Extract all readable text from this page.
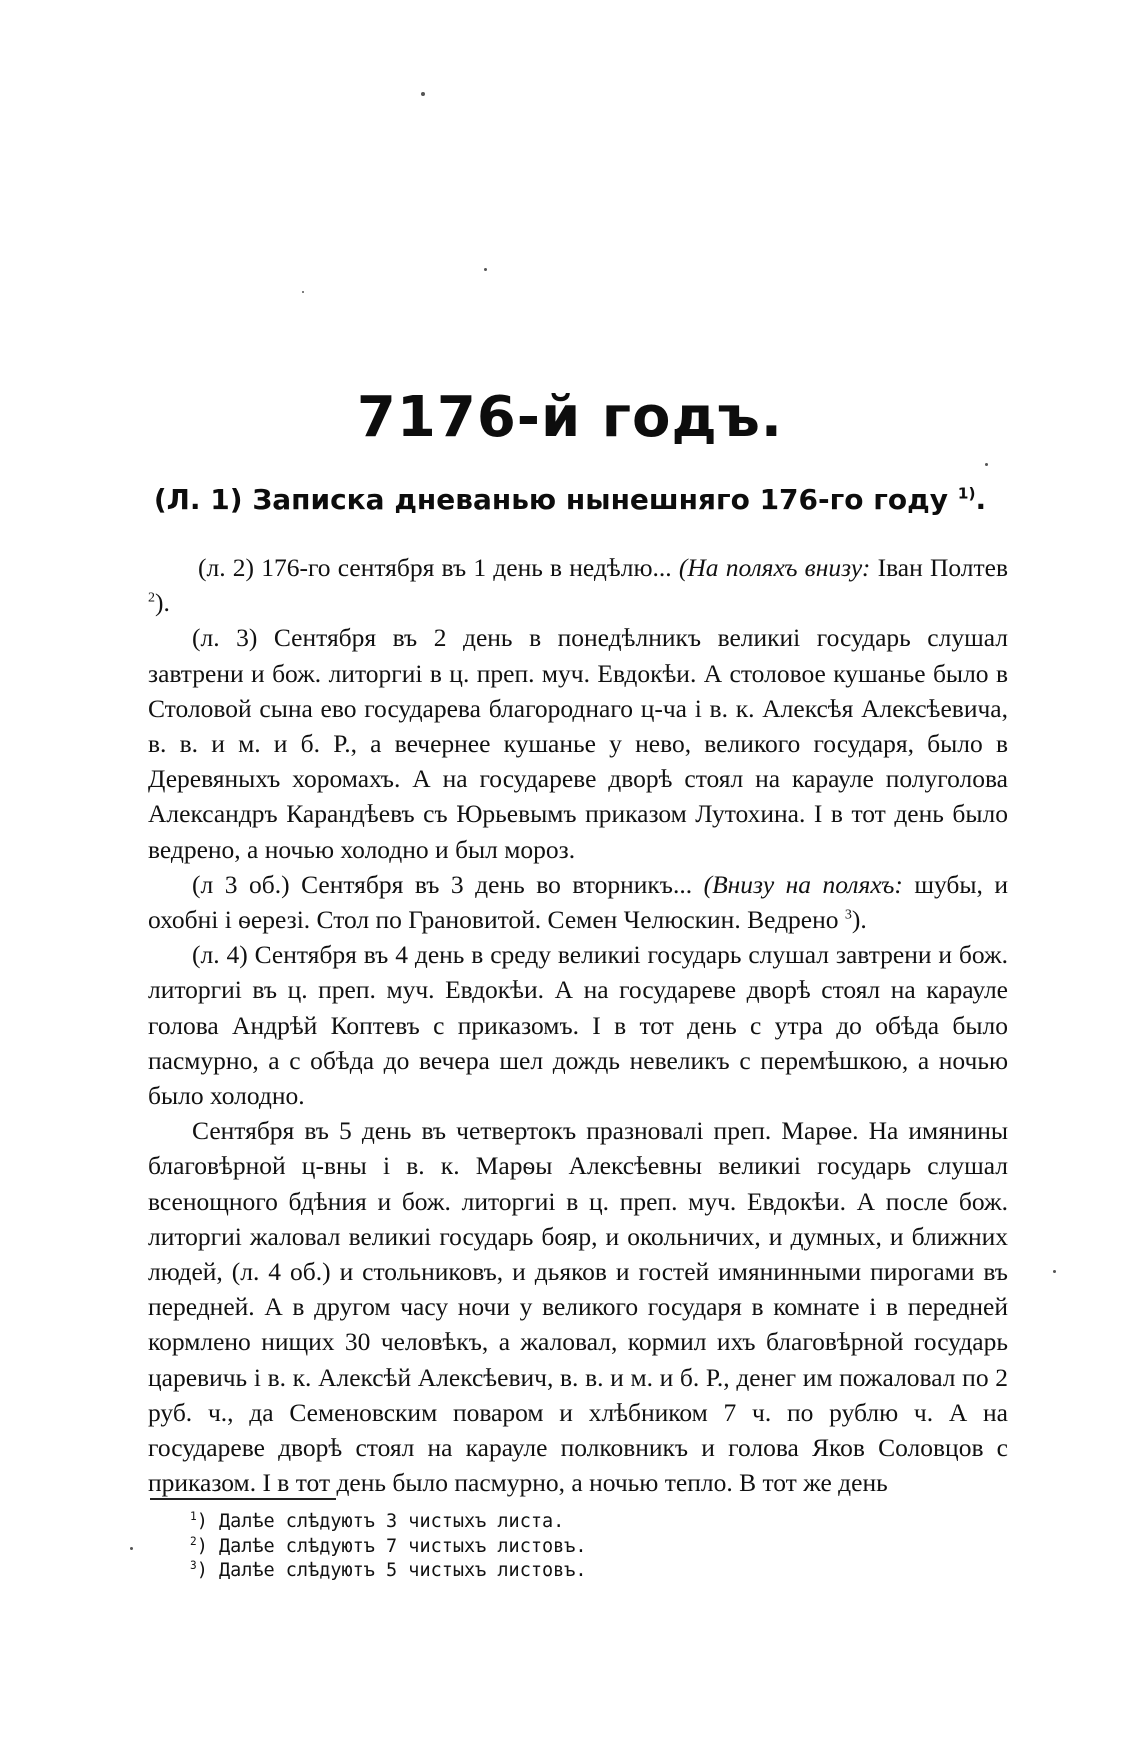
7176-й годъ.
(Л. 1) Записка дневанью нынешняго 176-го году $^{1)}$.

(л. 2) 176-го сентября въ 1 день в недѣлю... (На поляхъ внизу: Іван Полтев $^2$).

(л. 3) Сентября въ 2 день в понедѣлникъ великиі государь слушал завтрени и бож. литоргиі в ц. преп. муч. Евдокѣи. А столовое кушанье было в Столовой сына ево государева благороднаго ц-ча і в. к. Алексѣя Алексѣевича, в. в. и м. и б. Р., а вечернее кушанье у нево, великого государя, было в Деревяныхъ хоромахъ. А на государеве дворѣ стоял на карауле полуголова Александръ Карандѣевъ съ Юрьевымъ приказом Лутохина. І в тот день было ведрено, а ночью холодно и был мороз.

(л 3 об.) Сентября въ 3 день во вторникъ... (Внизу на поляхъ: шубы, и охобні і ѳерезі. Стол по Грановитой. Семен Челюскин. Ведрено $^3$).

(л. 4) Сентября въ 4 день в среду великиі государь слушал завтрени и бож. литоргиі въ ц. преп. муч. Евдокѣи. А на государеве дворѣ стоял на карауле голова Андрѣй Коптевъ с приказомъ. І в тот день с утра до обѣда было пасмурно, а с обѣда до вечера шел дождь невеликъ с перемѣшкою, а ночью было холодно.

Сентября въ 5 день въ четвертокъ празновалі преп. Марѳе. На имянины благовѣрной ц-вны і в. к. Марѳы Алексѣевны великиі государь слушал всенощного бдѣния и бож. литоргиі в ц. преп. муч. Евдокѣи. А после бож. литоргиі жаловал великиі государь бояр, и окольничих, и думных, и ближних людей, (л. 4 об.) и стольниковъ, и дьяков и гостей имянинными пирогами въ передней. А в другом часу ночи у великого государя в комнате і в передней кормлено нищих 30 человѣкъ, а жаловал, кормил ихъ благовѣрной государь царевичь і в. к. Алексѣй Алексѣевич, в. в. и м. и б. Р., денег им пожаловал по 2 руб. ч., да Семеновским поваром и хлѣбником 7 ч. по рублю ч. А на государеве дворѣ стоял на карауле полковникъ и голова Яков Соловцов с приказом. І в тот день было пасмурно, а ночью тепло. В тот же день

$^1$) Далѣе слѣдуютъ 3 чистыхъ листа.

$^2$) Далѣе слѣдуютъ 7 чистыхъ листовъ.

$^3$) Далѣе слѣдуютъ 5 чистыхъ листовъ.
